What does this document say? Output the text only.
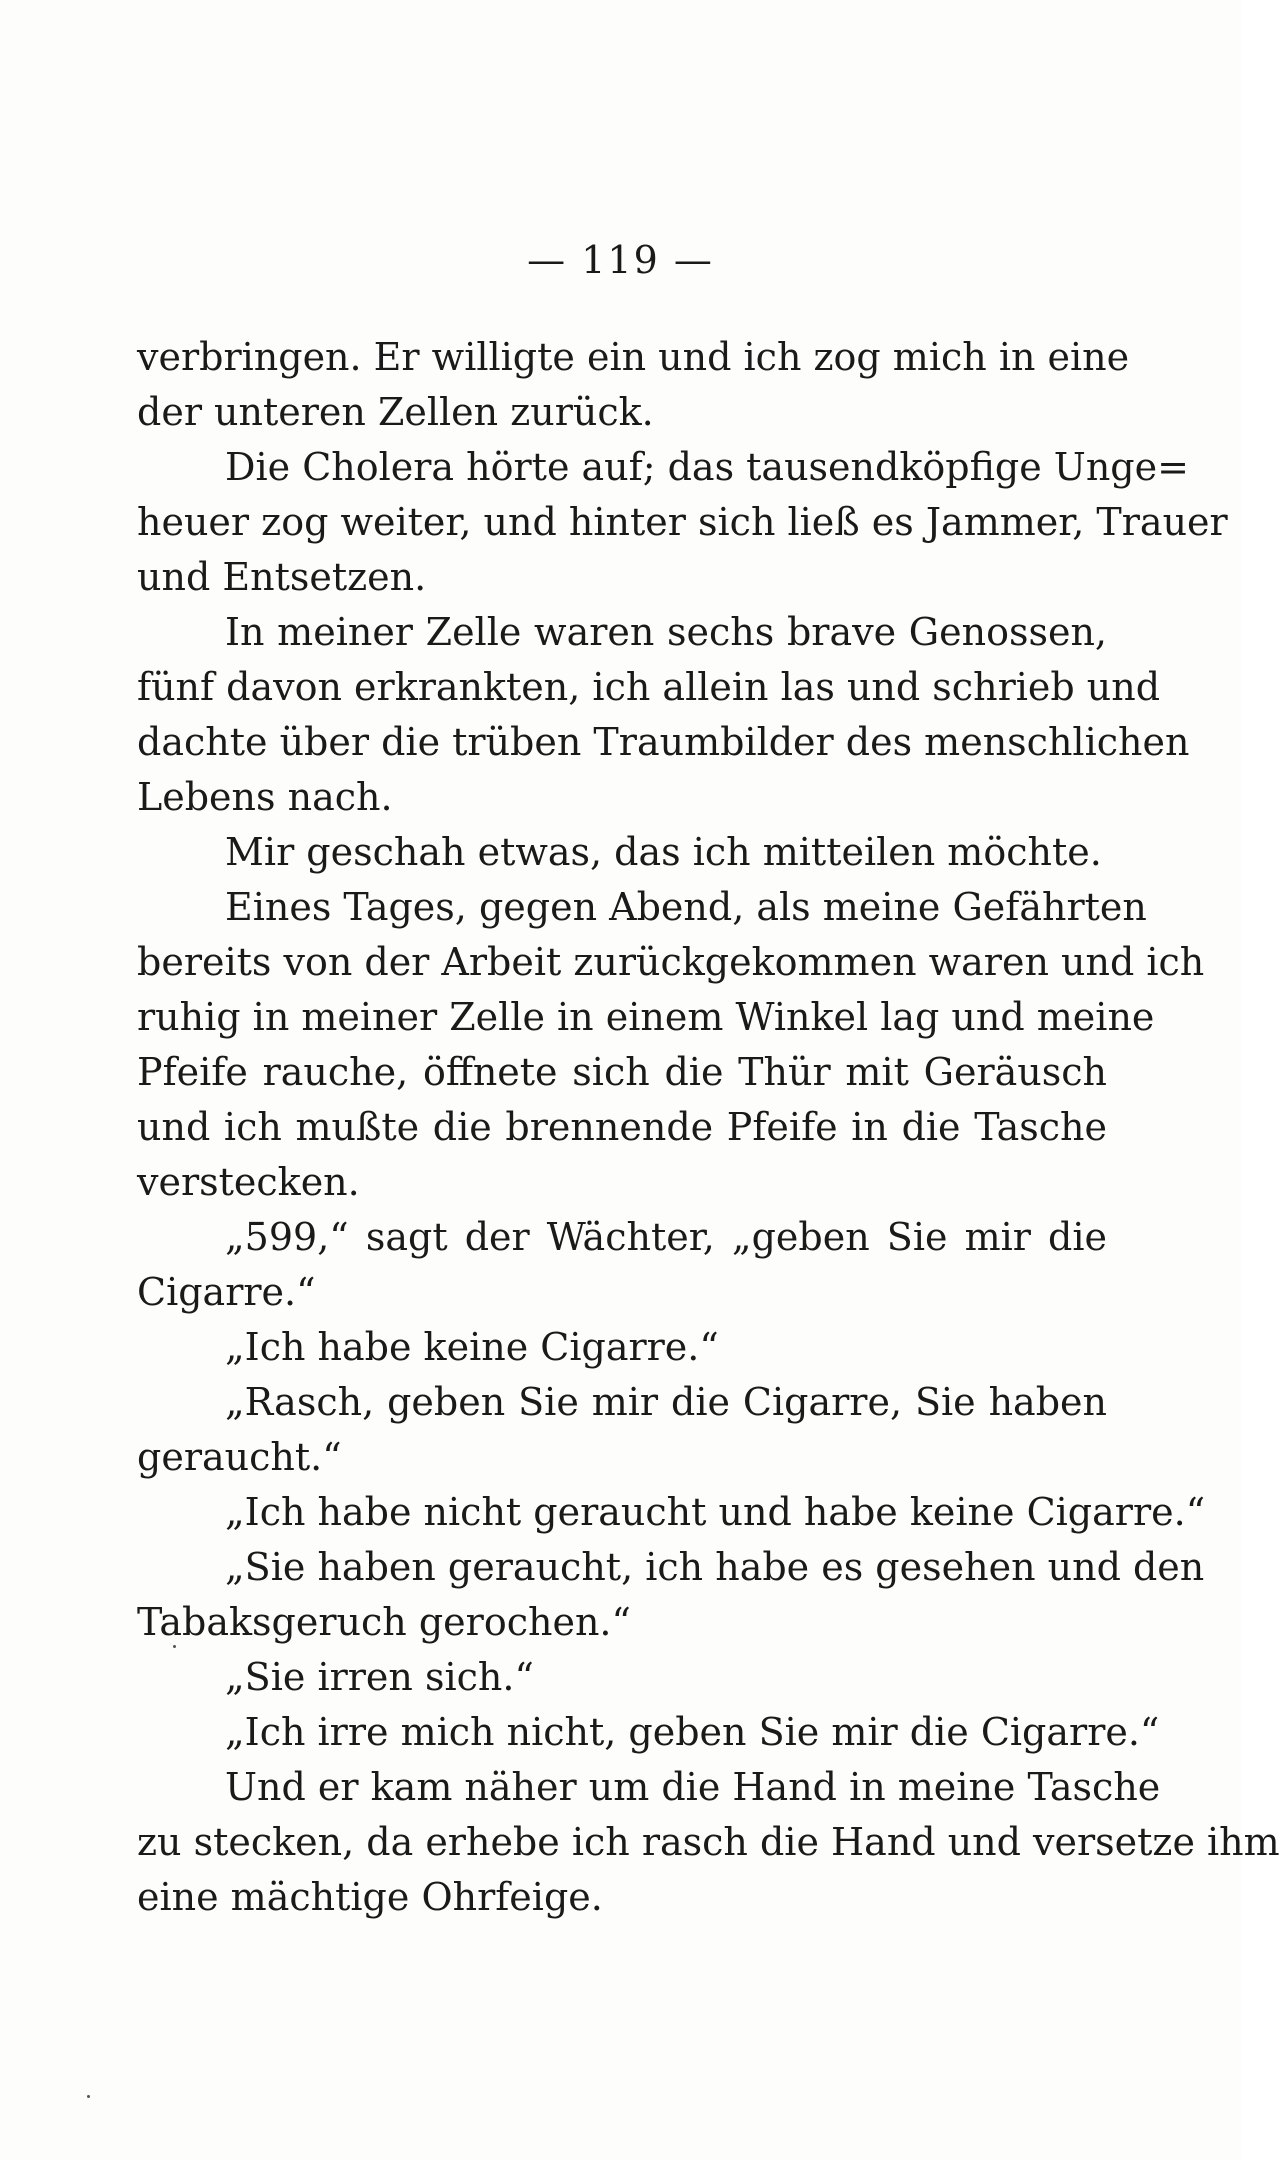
— 119 —
verbringen. Er willigte ein und ich zog mich in eine
der unteren Zellen zurück.
Die Cholera hörte auf; das tausendköpfige Unge=
heuer zog weiter, und hinter sich ließ es Jammer, Trauer
und Entsetzen.
In meiner Zelle waren sechs brave Genossen,
fünf davon erkrankten, ich allein las und schrieb und
dachte über die trüben Traumbilder des menschlichen
Lebens nach.
Mir geschah etwas, das ich mitteilen möchte.
Eines Tages, gegen Abend, als meine Gefährten
bereits von der Arbeit zurückgekommen waren und ich
ruhig in meiner Zelle in einem Winkel lag und meine
Pfeife rauche, öffnete sich die Thür mit Geräusch
und ich mußte die brennende Pfeife in die Tasche
verstecken.
„599,“ sagt der Wächter, „geben Sie mir die
Cigarre.“
„Ich habe keine Cigarre.“
„Rasch, geben Sie mir die Cigarre, Sie haben
geraucht.“
„Ich habe nicht geraucht und habe keine Cigarre.“
„Sie haben geraucht, ich habe es gesehen und den
Tabaksgeruch gerochen.“
„Sie irren sich.“
„Ich irre mich nicht, geben Sie mir die Cigarre.“
Und er kam näher um die Hand in meine Tasche
zu stecken, da erhebe ich rasch die Hand und versetze ihm
eine mächtige Ohrfeige.
